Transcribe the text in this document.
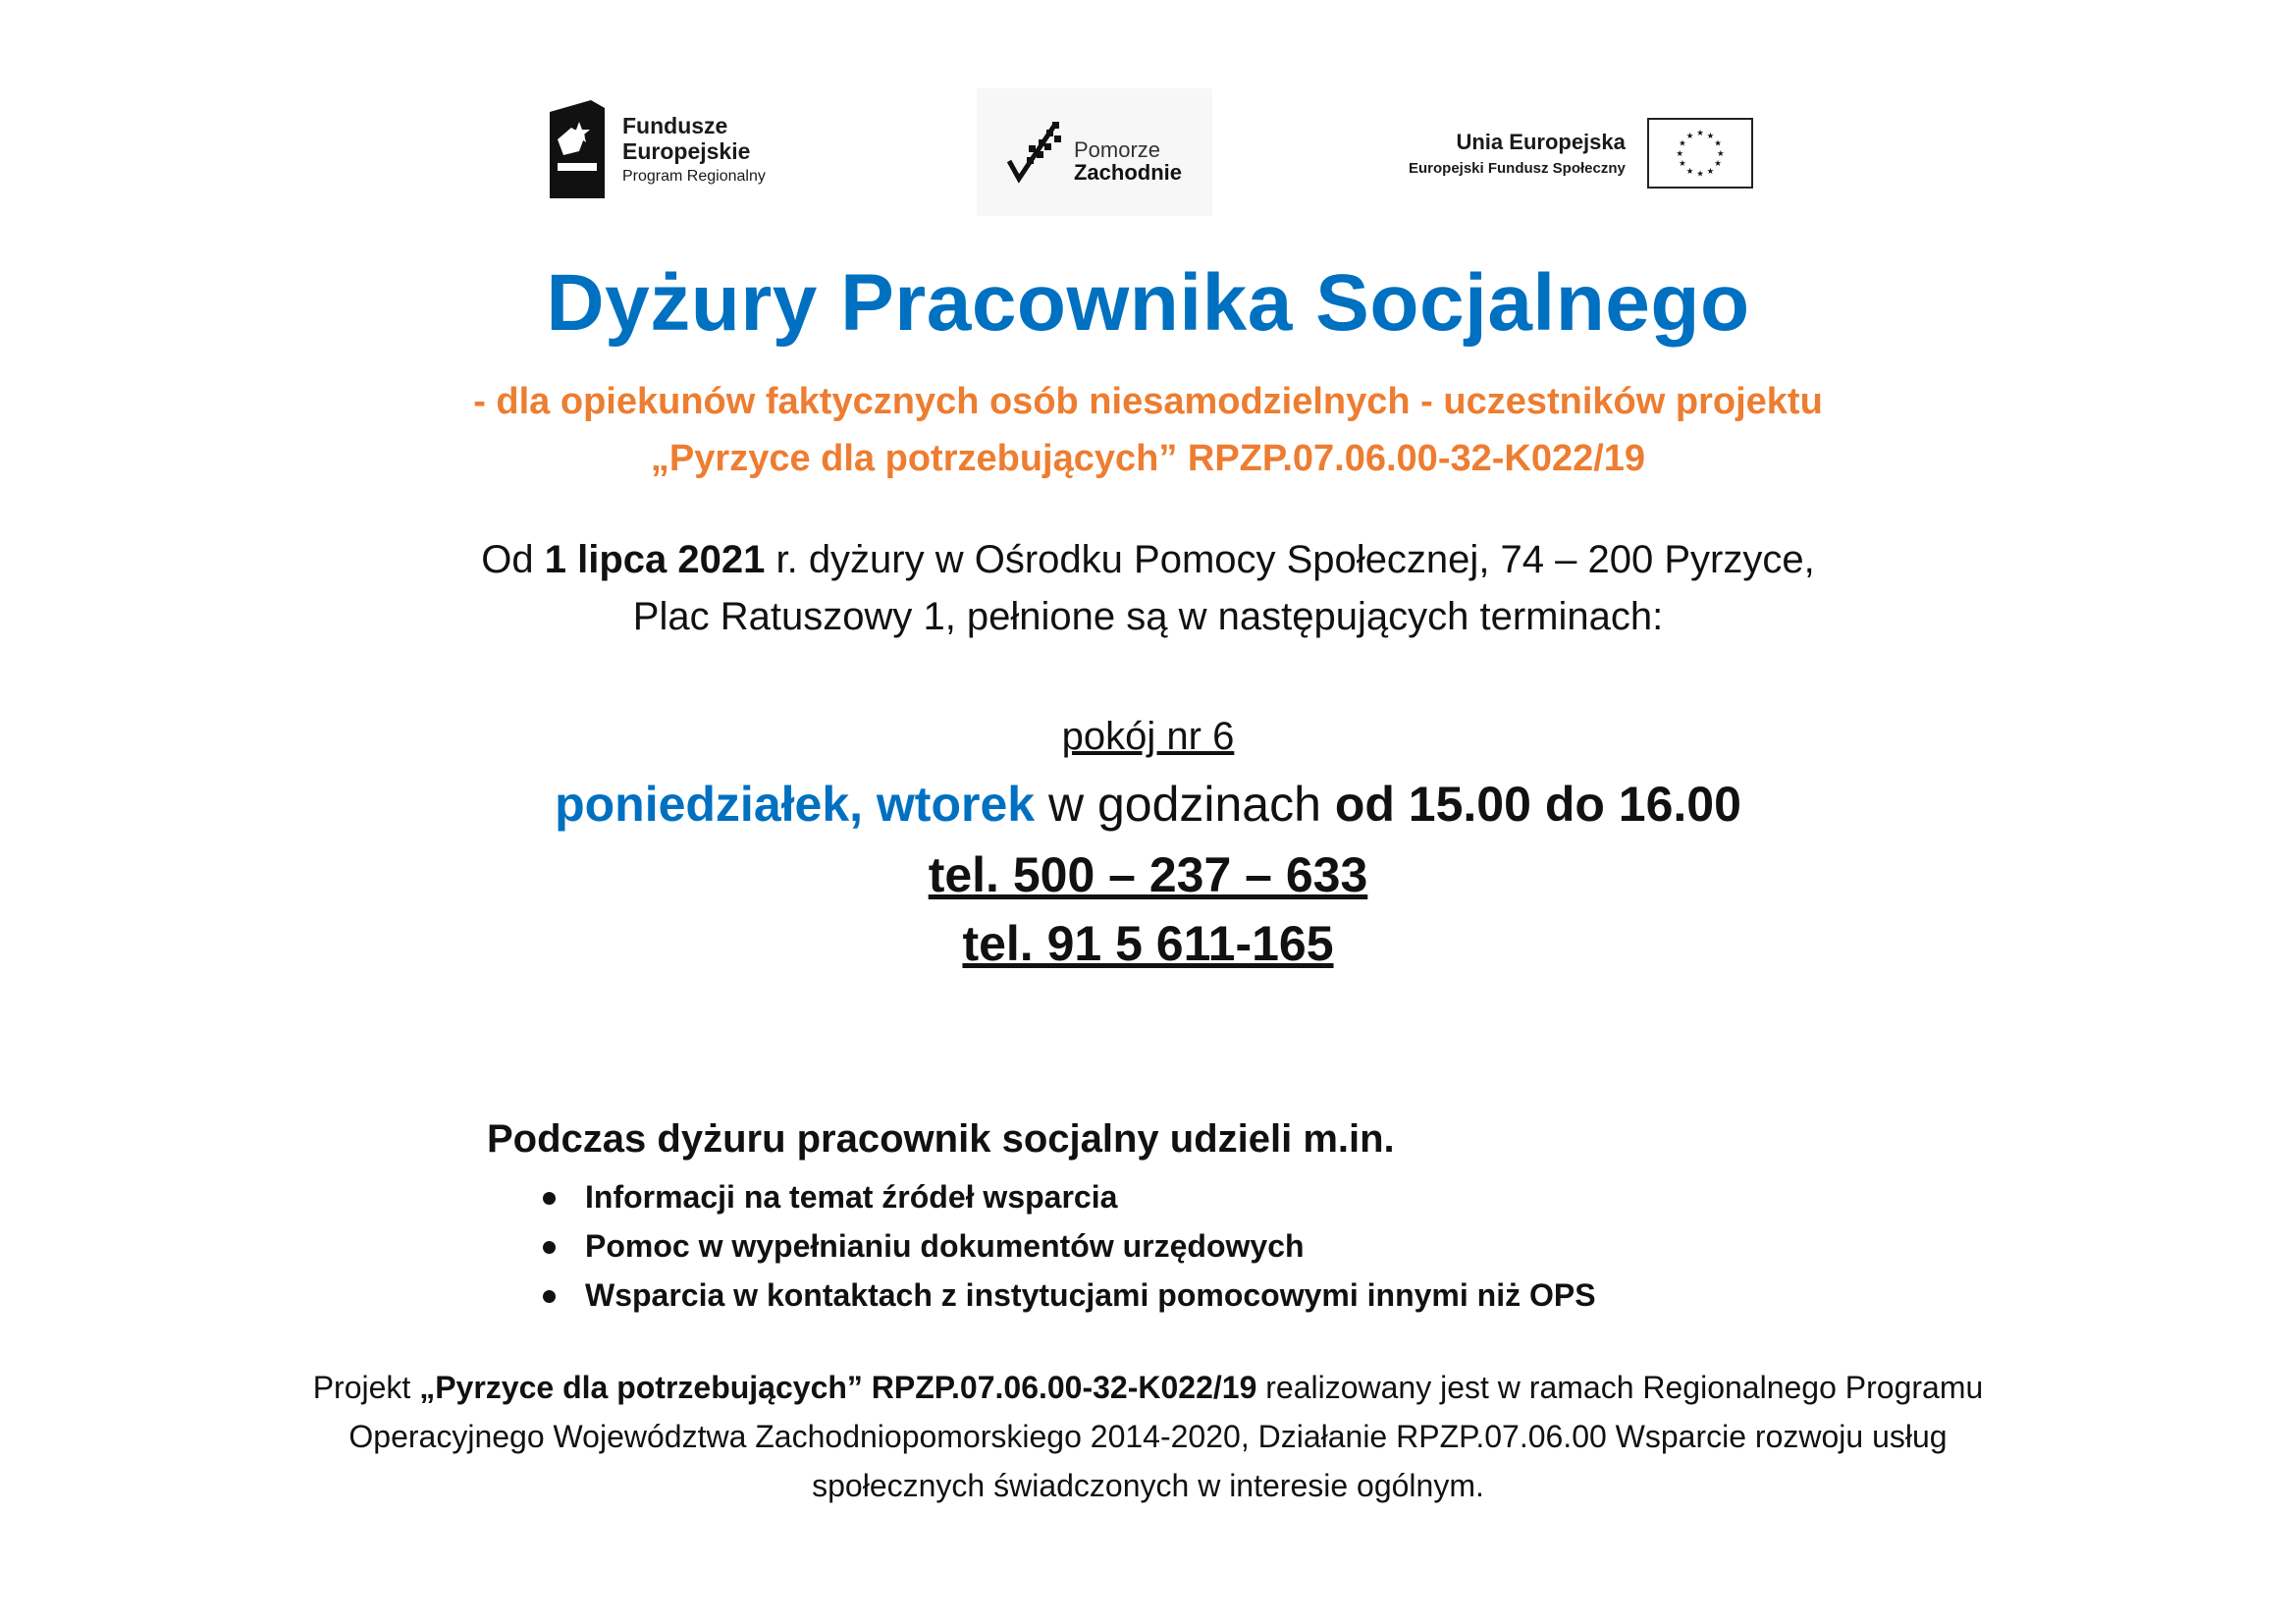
Fundusze
Europejskie
Program Regionalny
Pomorze
Zachodnie
Unia Europejska
Europejski Fundusz Społeczny
★ ★
★
★
★
★
★
★
★
★
★
★
Dyżury Pracownika Socjalnego
- dla opiekunów faktycznych osób niesamodzielnych - uczestników projektu
„Pyrzyce dla potrzebujących” RPZP.07.06.00-32-K022/19
Od 1 lipca 2021 r. dyżury w Ośrodku Pomocy Społecznej, 74 – 200 Pyrzyce,
Plac Ratuszowy 1, pełnione są w następujących terminach:
pokój nr 6
poniedziałek, wtorek w godzinach od 15.00 do 16.00
tel. 500 – 237 – 633
tel. 91 5 611-165
Podczas dyżuru pracownik socjalny udzieli m.in.
Informacji na temat źródeł wsparcia
Pomoc w wypełnianiu dokumentów urzędowych
Wsparcia w kontaktach z instytucjami pomocowymi innymi niż OPS
Projekt „Pyrzyce dla potrzebujących” RPZP.07.06.00-32-K022/19 realizowany jest w ramach Regionalnego Programu
Operacyjnego Województwa Zachodniopomorskiego 2014-2020, Działanie RPZP.07.06.00 Wsparcie rozwoju usług
społecznych świadczonych w interesie ogólnym.
